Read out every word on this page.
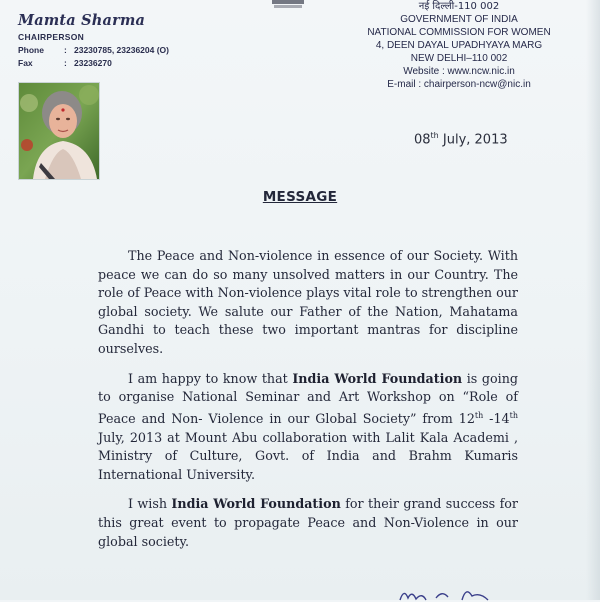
Mamta Sharma
CHAIRPERSON
Phone	: 23230785, 23236204 (O)
Fax	: 23236270
नई दिल्ली-110 002
GOVERNMENT OF INDIA
NATIONAL COMMISSION FOR WOMEN
4, DEEN DAYAL UPADHYAYA MARG
NEW DELHI–110 002
Website : www.ncw.nic.in
E-mail : chairperson-ncw@nic.in
08th July, 2013
MESSAGE

The Peace and Non-violence in essence of our Society. With peace we can do so many unsolved matters in our Country. The role of Peace with Non-violence plays vital role to strengthen our global society. We salute our Father of the Nation, Mahatama Gandhi to teach these two important mantras for discipline ourselves.

I am happy to know that India World Foundation is going to organise National Seminar and Art Workshop on “Role of Peace and Non- Violence in our Global Society” from 12th -14th July, 2013 at Mount Abu collaboration with Lalit Kala Academi , Ministry of Culture, Govt. of India and Brahm Kumaris International University.

I wish India World Foundation for their grand success for this great event to propagate Peace and Non-Violence in our global society.
